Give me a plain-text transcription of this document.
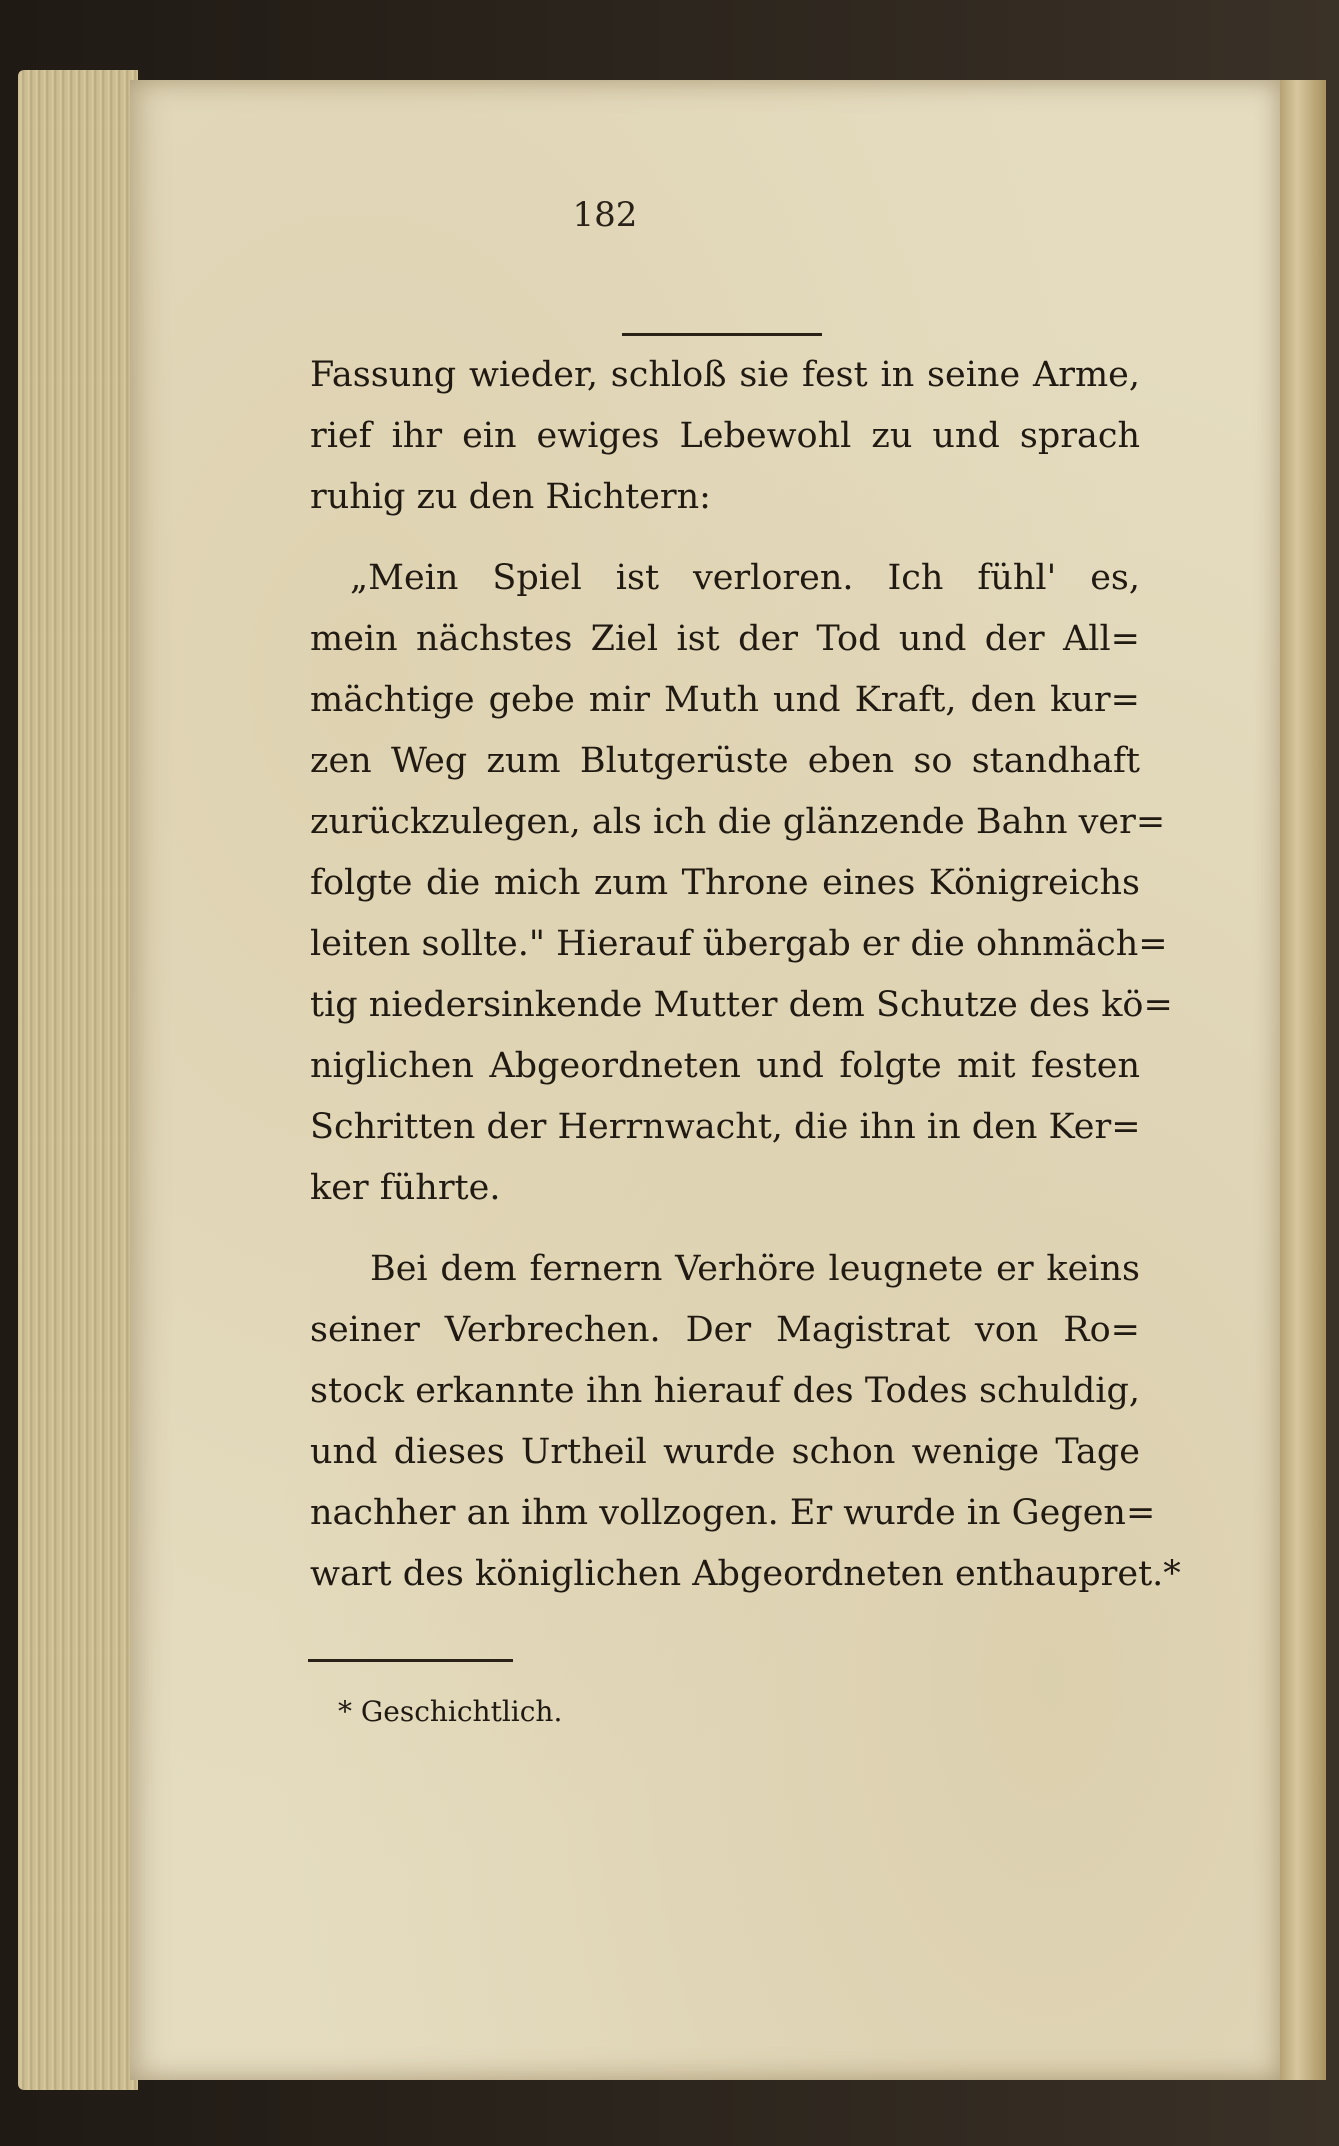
182
Fassung wieder, schloß sie fest in seine Arme,
rief ihr ein ewiges Lebewohl zu und sprach
ruhig zu den Richtern:
„Mein Spiel ist verloren. Ich fühl' es,
mein nächstes Ziel ist der Tod und der All=
mächtige gebe mir Muth und Kraft, den kur=
zen Weg zum Blutgerüste eben so standhaft
zurückzulegen, als ich die glänzende Bahn ver=
folgte die mich zum Throne eines Königreichs
leiten sollte." Hierauf übergab er die ohnmäch=
tig niedersinkende Mutter dem Schutze des kö=
niglichen Abgeordneten und folgte mit festen
Schritten der Herrnwacht, die ihn in den Ker=
ker führte.
Bei dem fernern Verhöre leugnete er keins
seiner Verbrechen. Der Magistrat von Ro=
stock erkannte ihn hierauf des Todes schuldig,
und dieses Urtheil wurde schon wenige Tage
nachher an ihm vollzogen. Er wurde in Gegen=
wart des königlichen Abgeordneten enthaupret.*
* Geschichtlich.
